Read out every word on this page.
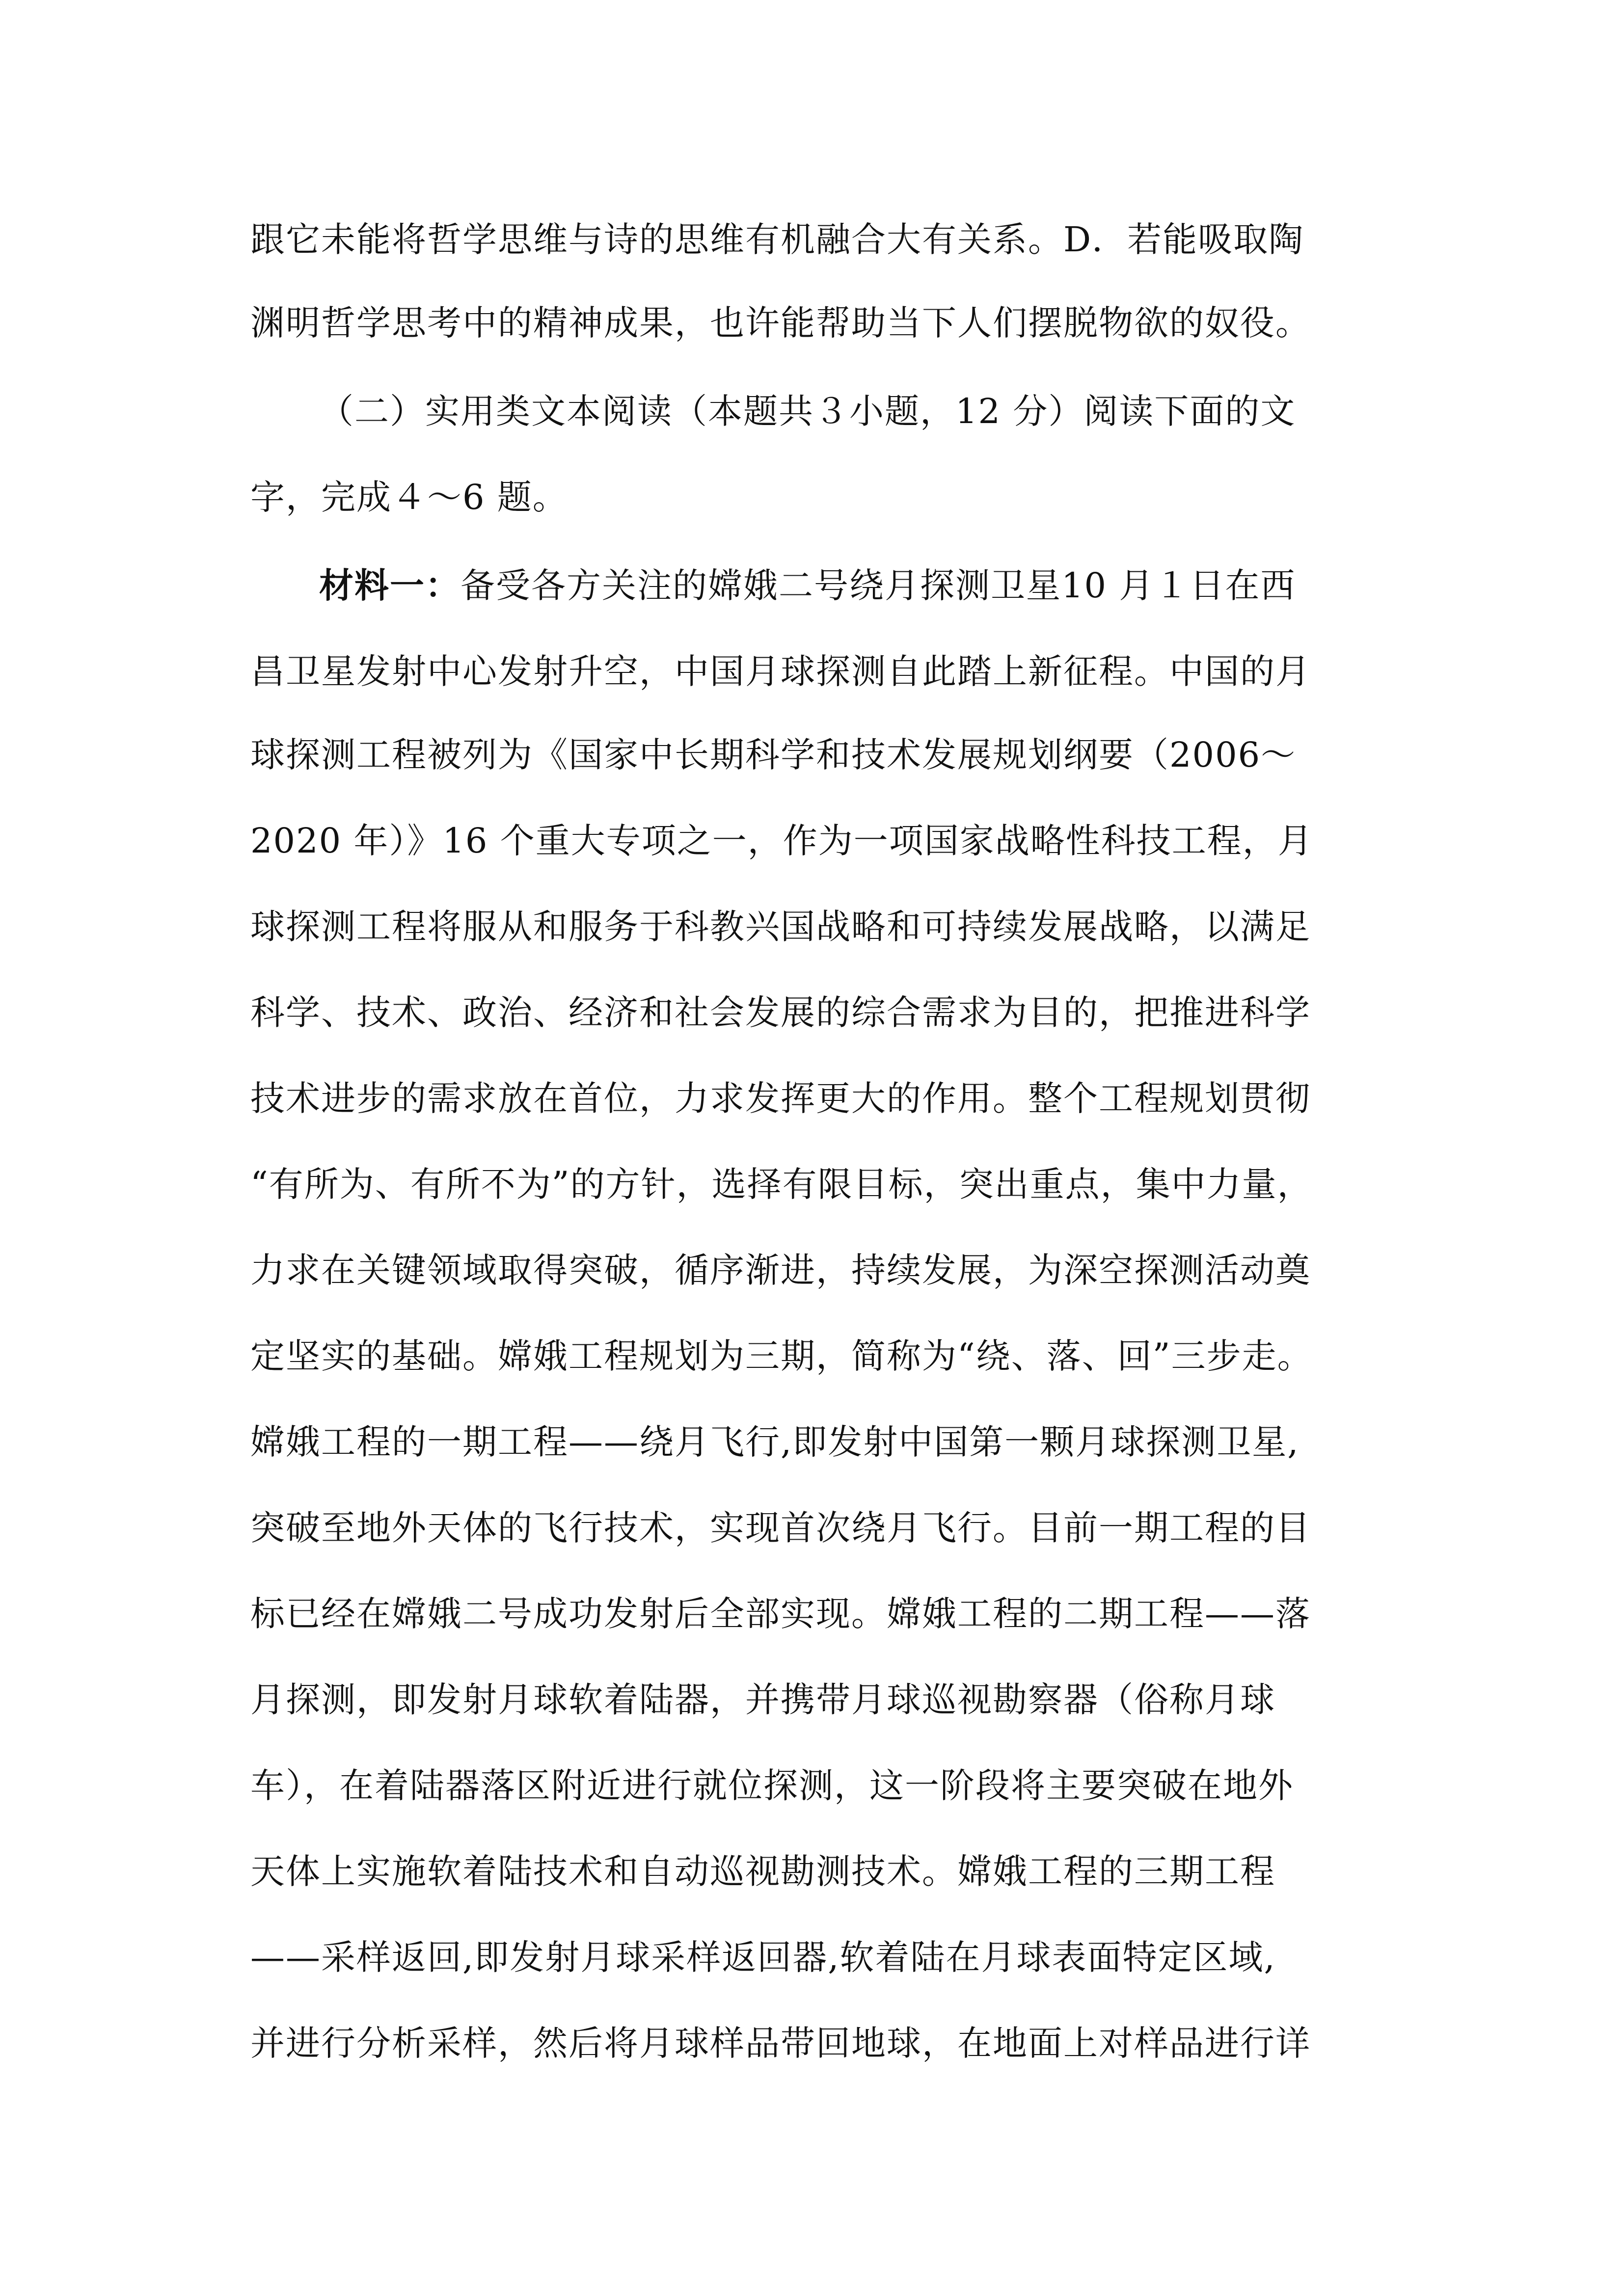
跟它未能将哲学思维与诗的思维有机融合大有关系。D．若能吸取陶
渊明哲学思考中的精神成果，也许能帮助当下人们摆脱物欲的奴役。
（二）实用类文本阅读（本题共３小题，12 分）阅读下面的文
字，完成４～6 题。
材料一：备受各方关注的嫦娥二号绕月探测卫星10 月１日在西
昌卫星发射中心发射升空，中国月球探测自此踏上新征程。中国的月
球探测工程被列为《国家中长期科学和技术发展规划纲要（2006～
2020 年）》16 个重大专项之一，作为一项国家战略性科技工程，月
球探测工程将服从和服务于科教兴国战略和可持续发展战略，以满足
科学、技术、政治、经济和社会发展的综合需求为目的，把推进科学
技术进步的需求放在首位，力求发挥更大的作用。整个工程规划贯彻
“有所为、有所不为”的方针，选择有限目标，突出重点，集中力量，
力求在关键领域取得突破，循序渐进，持续发展，为深空探测活动奠
定坚实的基础。嫦娥工程规划为三期，简称为“绕、落、回”三步走。
嫦娥工程的一期工程——绕月飞行,即发射中国第一颗月球探测卫星,
突破至地外天体的飞行技术，实现首次绕月飞行。目前一期工程的目
标已经在嫦娥二号成功发射后全部实现。嫦娥工程的二期工程——落
月探测，即发射月球软着陆器，并携带月球巡视勘察器（俗称月球
车），在着陆器落区附近进行就位探测，这一阶段将主要突破在地外
天体上实施软着陆技术和自动巡视勘测技术。嫦娥工程的三期工程
——采样返回,即发射月球采样返回器,软着陆在月球表面特定区域,
并进行分析采样，然后将月球样品带回地球，在地面上对样品进行详
